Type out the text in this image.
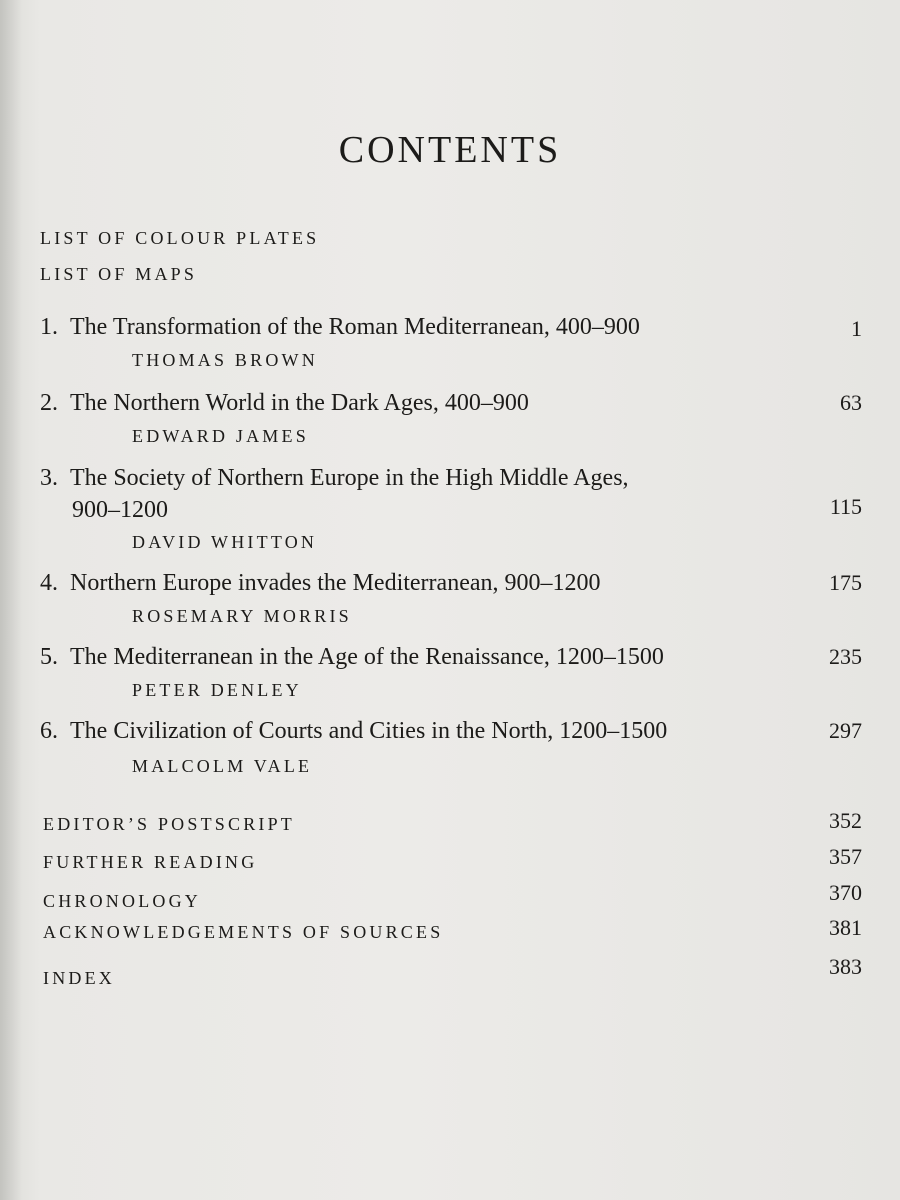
CONTENTS
LIST OF COLOUR PLATES
LIST OF MAPS
1. The Transformation of the Roman Mediterranean, 400–900	1
THOMAS BROWN
2. The Northern World in the Dark Ages, 400–900	63
EDWARD JAMES
3. The Society of Northern Europe in the High Middle Ages,
900–1200	115
DAVID WHITTON
4. Northern Europe invades the Mediterranean, 900–1200	175
ROSEMARY MORRIS
5. The Mediterranean in the Age of the Renaissance, 1200–1500	235
PETER DENLEY
6. The Civilization of Courts and Cities in the North, 1200–1500	297
MALCOLM VALE
EDITOR’S POSTSCRIPT	352
FURTHER READING	357
CHRONOLOGY	370
ACKNOWLEDGEMENTS OF SOURCES	381
INDEX	383
